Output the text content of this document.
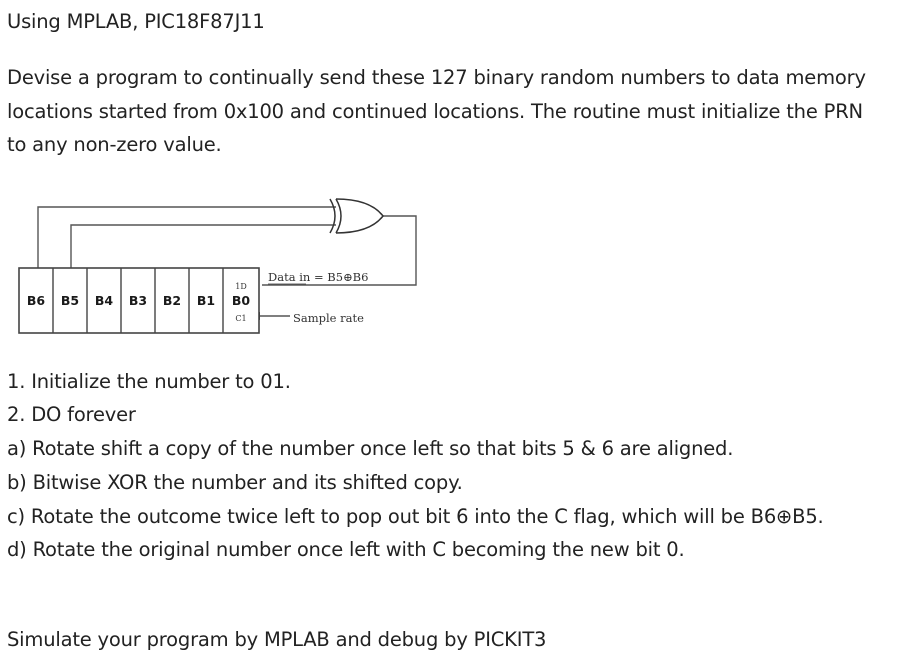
Using MPLAB, PIC18F87J11
Devise a program to continually send these 127 binary random numbers to data memory
locations started from 0x100 and continued locations. The routine must initialize the PRN
to any non-zero value.
B6 B5 B4 B3 B2 B1 B0
1D
C1
Data in = B5⊕B6
Sample rate
1. Initialize the number to 01.
2. DO forever
a) Rotate shift a copy of the number once left so that bits 5 & 6 are aligned.
b) Bitwise XOR the number and its shifted copy.
c) Rotate the outcome twice left to pop out bit 6 into the C flag, which will be B6⊕B5.
d) Rotate the original number once left with C becoming the new bit 0.
Simulate your program by MPLAB and debug by PICKIT3
